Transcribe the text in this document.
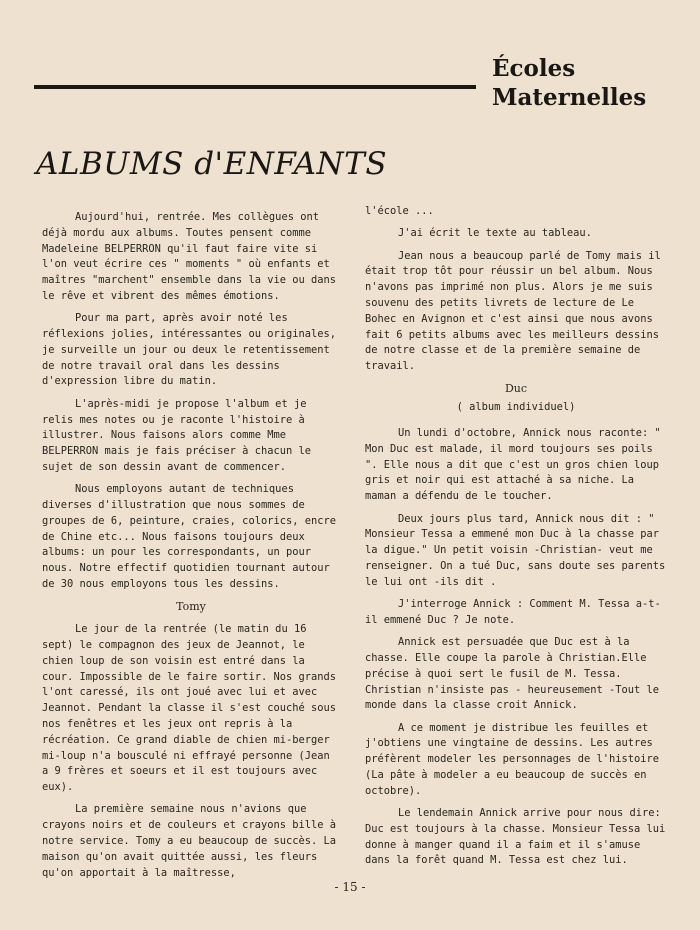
Écoles
Maternelles
ALBUMS d'ENFANTS

Aujourd'hui, rentrée. Mes collègues ont déjà mordu aux albums. Toutes pensent comme Madeleine BELPERRON qu'il faut faire vite si l'on veut écrire ces " moments " où enfants et maîtres "marchent" ensemble dans la vie ou dans le rêve et vibrent des mêmes émotions.

Pour ma part, après avoir noté les réflexions jolies, intéressantes ou originales, je surveille un jour ou deux le retentissement de notre travail oral dans les dessins d'expression libre du matin.

L'après-midi je propose l'album et je relis mes notes ou je raconte l'histoire à illustrer. Nous faisons alors comme Mme BELPERRON mais je fais préciser à chacun le sujet de son dessin avant de commencer.

Nous employons autant de techniques diverses d'illustration que nous sommes de groupes de 6, peinture, craies, colorics, encre de Chine etc... Nous faisons toujours deux albums: un pour les correspondants, un pour nous. Notre effectif quotidien tournant autour de 30 nous employons tous les dessins.

Tomy

Le jour de la rentrée (le matin du 16 sept) le compagnon des jeux de Jeannot, le chien loup de son voisin est entré dans la cour. Impossible de le faire sortir. Nos grands l'ont caressé, ils ont joué avec lui et avec Jeannot. Pendant la classe il s'est couché sous nos fenêtres et les jeux ont repris à la récréation. Ce grand diable de chien mi-berger mi-loup n'a bousculé ni effrayé personne (Jean a 9 frères et soeurs et il est toujours avec eux).

La première semaine nous n'avions que crayons noirs et de couleurs et crayons bille à notre service. Tomy a eu beaucoup de succès. La maison qu'on avait quittée aussi, les fleurs qu'on apportait à la maîtresse,

l'école ...

J'ai écrit le texte au tableau.

Jean nous a beaucoup parlé de Tomy mais il était trop tôt pour réussir un bel album. Nous n'avons pas imprimé non plus. Alors je me suis souvenu des petits livrets de lecture de Le Bohec en Avignon et c'est ainsi que nous avons fait 6 petits albums avec les meilleurs dessins de notre classe et de la première semaine de travail.

Duc

( album individuel)

Un lundi d'octobre, Annick nous raconte: " Mon Duc est malade, il mord toujours ses poils ". Elle nous a dit que c'est un gros chien loup gris et noir qui est attaché à sa niche. La maman a défendu de le toucher.

Deux jours plus tard, Annick nous dit : " Monsieur Tessa a emmené mon Duc à la chasse par la digue." Un petit voisin -Christian- veut me renseigner. On a tué Duc, sans doute ses parents le lui ont -ils dit .

J'interroge Annick : Comment M. Tessa a-t-il emmené Duc ? Je note.

Annick est persuadée que Duc est à la chasse. Elle coupe la parole à Christian.Elle précise à quoi sert le fusil de M. Tessa. Christian n'insiste pas - heureusement -Tout le monde dans la classe croit Annick.

A ce moment je distribue les feuilles et j'obtiens une vingtaine de dessins. Les autres préfèrent modeler les personnages de l'histoire (La pâte à modeler a eu beaucoup de succès en octobre).

Le lendemain Annick arrive pour nous dire: Duc est toujours à la chasse. Monsieur Tessa lui donne à manger quand il a faim et il s'amuse dans la forêt quand M. Tessa est chez lui.

- 15 -
